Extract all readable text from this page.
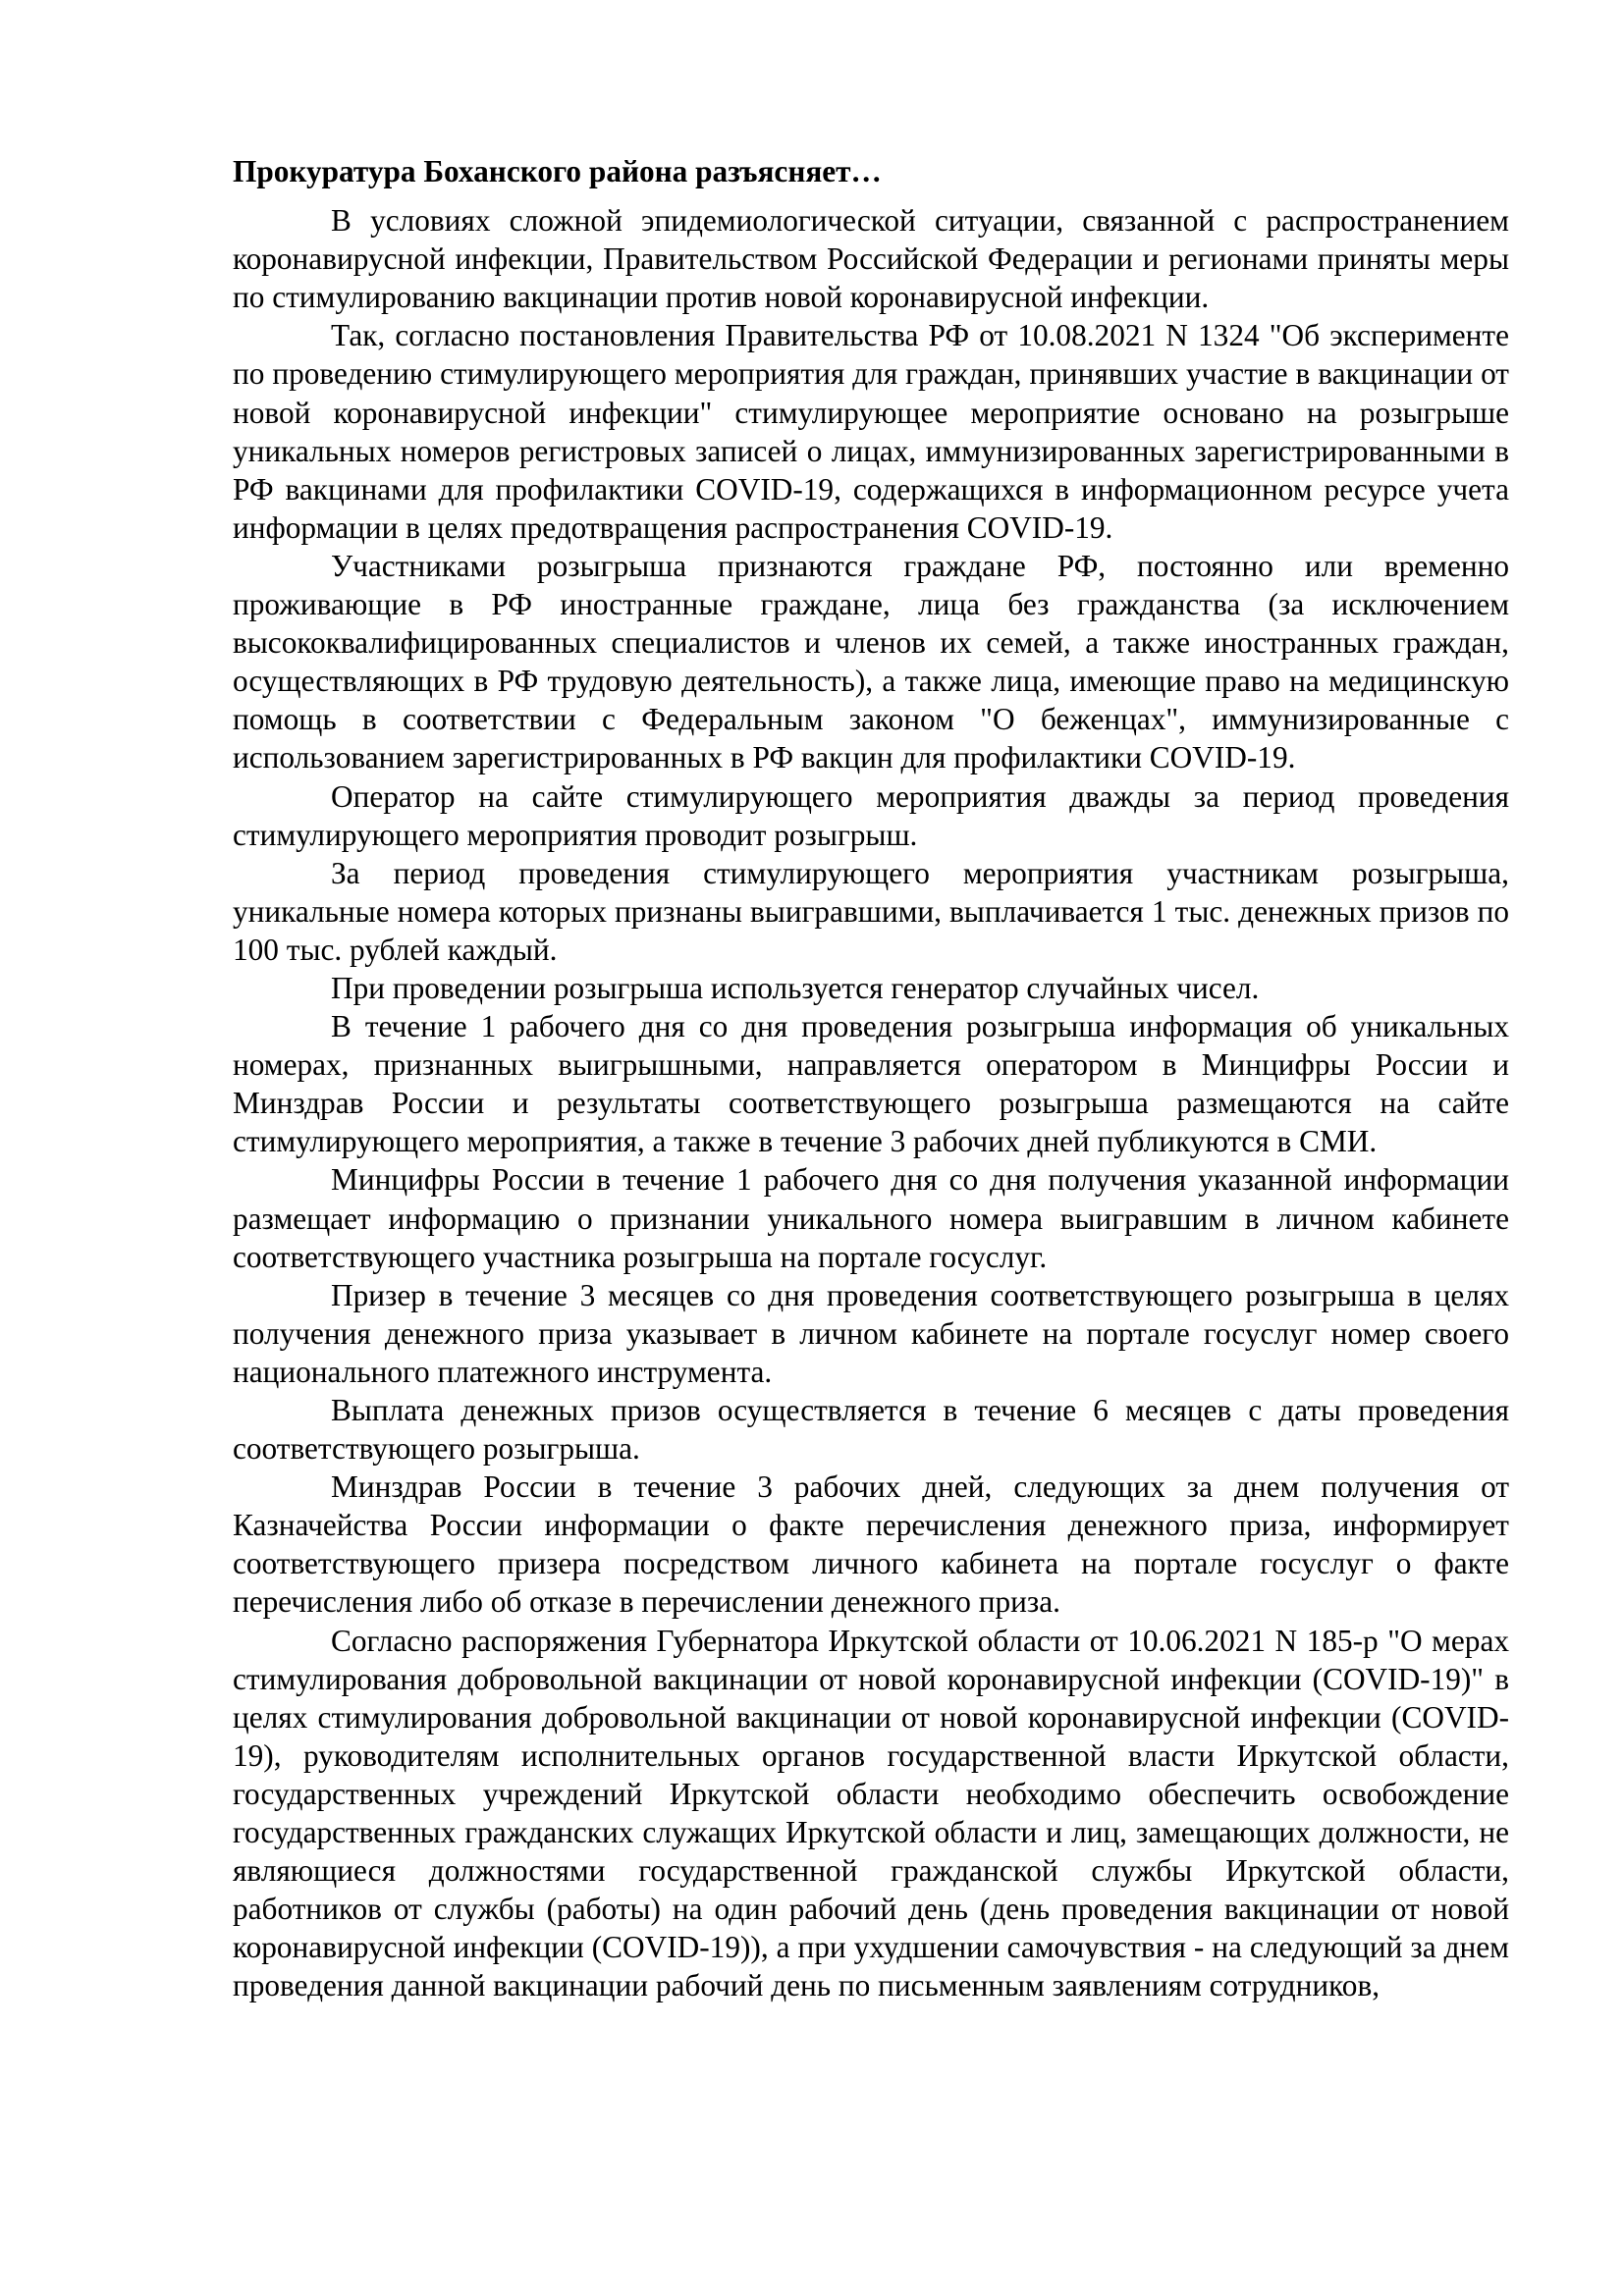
Прокуратура Боханского района разъясняет…

В условиях сложной эпидемиологической ситуации, связанной с распространением коронавирусной инфекции, Правительством Российской Федерации и регионами приняты меры по стимулированию вакцинации против новой коронавирусной инфекции.

Так, согласно постановления Правительства РФ от 10.08.2021 N 1324 "Об эксперименте по проведению стимулирующего мероприятия для граждан, принявших участие в вакцинации от новой коронавирусной инфекции" стимулирующее мероприятие основано на розыгрыше уникальных номеров регистровых записей о лицах, иммунизированных зарегистрированными в РФ вакцинами для профилактики COVID-19, содержащихся в информационном ресурсе учета информации в целях предотвращения распространения COVID-19.

Участниками розыгрыша признаются граждане РФ, постоянно или временно проживающие в РФ иностранные граждане, лица без гражданства (за исключением высококвалифицированных специалистов и членов их семей, а также иностранных граждан, осуществляющих в РФ трудовую деятельность), а также лица, имеющие право на медицинскую помощь в соответствии с Федеральным законом "О беженцах", иммунизированные с использованием зарегистрированных в РФ вакцин для профилактики COVID-19.

Оператор на сайте стимулирующего мероприятия дважды за период проведения стимулирующего мероприятия проводит розыгрыш.

За период проведения стимулирующего мероприятия участникам розыгрыша, уникальные номера которых признаны выигравшими, выплачивается 1 тыс. денежных призов по 100 тыс. рублей каждый.

При проведении розыгрыша используется генератор случайных чисел.

В течение 1 рабочего дня со дня проведения розыгрыша информация об уникальных номерах, признанных выигрышными, направляется оператором в Минцифры России и Минздрав России и результаты соответствующего розыгрыша размещаются на сайте стимулирующего мероприятия, а также в течение 3 рабочих дней публикуются в СМИ.

Минцифры России в течение 1 рабочего дня со дня получения указанной информации размещает информацию о признании уникального номера выигравшим в личном кабинете соответствующего участника розыгрыша на портале госуслуг.

Призер в течение 3 месяцев со дня проведения соответствующего розыгрыша в целях получения денежного приза указывает в личном кабинете на портале госуслуг номер своего национального платежного инструмента.

Выплата денежных призов осуществляется в течение 6 месяцев с даты проведения соответствующего розыгрыша.

Минздрав России в течение 3 рабочих дней, следующих за днем получения от Казначейства России информации о факте перечисления денежного приза, информирует соответствующего призера посредством личного кабинета на портале госуслуг о факте перечисления либо об отказе в перечислении денежного приза.

Согласно распоряжения Губернатора Иркутской области от 10.06.2021 N 185-р "О мерах стимулирования добровольной вакцинации от новой коронавирусной инфекции (COVID-19)" в целях стимулирования добровольной вакцинации от новой коронавирусной инфекции (COVID-19), руководителям исполнительных органов государственной власти Иркутской области, государственных учреждений Иркутской области необходимо обеспечить освобождение государственных гражданских служащих Иркутской области и лиц, замещающих должности, не являющиеся должностями государственной гражданской службы Иркутской области, работников от службы (работы) на один рабочий день (день проведения вакцинации от новой коронавирусной инфекции (COVID-19)), а при ухудшении самочувствия - на следующий за днем проведения данной вакцинации рабочий день по письменным заявлениям сотрудников,
